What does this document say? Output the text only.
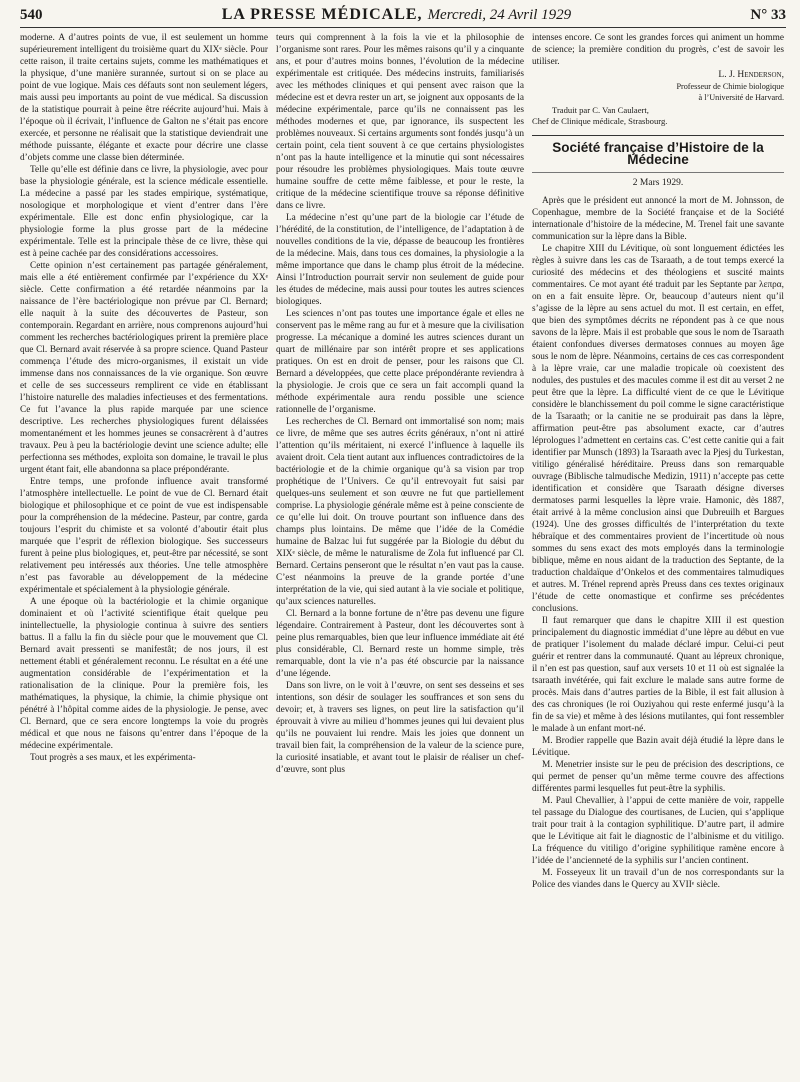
540	LA PRESSE MÉDICALE, Mercredi, 24 Avril 1929	N° 33

moderne. A d’autres points de vue, il est seulement un homme supérieurement intelligent du troisième quart du XIXᵉ siècle. Pour cette raison, il traite certains sujets, comme les mathématiques et la physique, d’une manière surannée, surtout si on se place au point de vue logique. Mais ces défauts sont non seulement légers, mais aussi peu importants au point de vue médical. Sa discussion de la statistique pourrait à peine être réécrite aujourd’hui. Mais à l’époque où il écrivait, l’influence de Galton ne s’était pas encore exercée, et personne ne réalisait que la statistique deviendrait une méthode puissante, élégante et exacte pour décrire une classe d’objets comme une classe bien déterminée.

Telle qu’elle est définie dans ce livre, la physiologie, avec pour base la physiologie générale, est la science médicale essentielle. La médecine a passé par les stades empirique, systématique, nosologique et morphologique et vient d’entrer dans l’ère expérimentale. Elle est donc enfin physiologique, car la physiologie forme la plus grosse part de la médecine expérimentale. Telle est la principale thèse de ce livre, thèse qui est à peine cachée par des considérations accessoires.

Cette opinion n’est certainement pas partagée généralement, mais elle a été entièrement confirmée par l’expérience du XXᵉ siècle. Cette confirmation a été retardée néanmoins par la naissance de l’ère bactériologique non prévue par Cl. Bernard; elle naquit à la suite des découvertes de Pasteur, son contemporain. Regardant en arrière, nous comprenons aujourd’hui comment les recherches bactériologiques prirent la première place que Cl. Bernard avait réservée à sa propre science. Quand Pasteur commença l’étude des micro-organismes, il existait un vide immense dans nos connaissances de la vie organique. Son œuvre et celle de ses successeurs remplirent ce vide en établissant l’histoire naturelle des maladies infectieuses et des fermentations. Ce fut l’avance la plus rapide marquée par une science descriptive. Les recherches physiologiques furent délaissées momentanément et les hommes jeunes se consacrèrent à d’autres travaux. Peu à peu la bactériologie devint une science adulte; elle perfectionna ses méthodes, exploita son domaine, le travail le plus urgent étant fait, elle abandonna sa place prépondérante.

Entre temps, une profonde influence avait transformé l’atmosphère intellectuelle. Le point de vue de Cl. Bernard était biologique et philosophique et ce point de vue est indispensable pour la compréhension de la médecine. Pasteur, par contre, garda toujours l’esprit du chimiste et sa volonté d’aboutir était plus marquée que l’esprit de réflexion biologique. Ses successeurs furent à peine plus biologiques, et, peut-être par nécessité, se sont relativement peu intéressés aux théories. Une telle atmosphère n’est pas favorable au développement de la médecine expérimentale et spécialement à la physiologie générale.

A une époque où la bactériologie et la chimie organique dominaient et où l’activité scientifique était quelque peu inintellectuelle, la physiologie continua à suivre des sentiers battus. Il a fallu la fin du siècle pour que le mouvement que Cl. Bernard avait pressenti se manifestât; de nos jours, il est nettement établi et généralement reconnu. Le résultat en a été une augmentation considérable de l’expérimentation et la rationalisation de la clinique. Pour la première fois, les mathématiques, la physique, la chimie, la chimie physique ont pénétré à l’hôpital comme aides de la physiologie. Je pense, avec Cl. Bernard, que ce sera encore longtemps la voie du progrès médical et que nous ne faisons qu’entrer dans l’époque de la médecine expérimentale.

Tout progrès a ses maux, et les expérimenta-

teurs qui comprennent à la fois la vie et la philosophie de l’organisme sont rares. Pour les mêmes raisons qu’il y a cinquante ans, et pour d’autres moins bonnes, l’évolution de la médecine expérimentale est critiquée. Des médecins instruits, familiarisés avec les méthodes cliniques et qui pensent avec raison que la médecine est et devra rester un art, se joignent aux opposants de la médecine expérimentale, parce qu’ils ne connaissent pas les méthodes modernes et que, par ignorance, ils suspectent les problèmes nouveaux. Si certains arguments sont fondés jusqu’à un certain point, cela tient souvent à ce que certains physiologistes n’ont pas la haute intelligence et la minutie qui sont nécessaires pour résoudre les problèmes physiologiques. Mais toute œuvre humaine souffre de cette même faiblesse, et pour le reste, la critique de la médecine scientifique trouve sa réponse définitive dans ce livre.

La médecine n’est qu’une part de la biologie car l’étude de l’hérédité, de la constitution, de l’intelligence, de l’adaptation à de nouvelles conditions de la vie, dépasse de beaucoup les frontières de la médecine. Mais, dans tous ces domaines, la physiologie a la même importance que dans le champ plus étroit de la médecine. Ainsi l’Introduction pourrait servir non seulement de guide pour les études de médecine, mais aussi pour toutes les autres sciences biologiques.

Les sciences n’ont pas toutes une importance égale et elles ne conservent pas le même rang au fur et à mesure que la civilisation progresse. La mécanique a dominé les autres sciences durant un quart de millénaire par son intérêt propre et ses applications pratiques. On est en droit de penser, pour les raisons que Cl. Bernard a développées, que cette place prépondérante reviendra à la physiologie. Je crois que ce sera un fait accompli quand la méthode expérimentale aura rendu possible une science rationnelle de l’organisme.

Les recherches de Cl. Bernard ont immortalisé son nom; mais ce livre, de même que ses autres écrits généraux, n’ont ni attiré l’attention qu’ils méritaient, ni exercé l’influence à laquelle ils avaient droit. Cela tient autant aux influences contradictoires de la bactériologie et de la chimie organique qu’à sa vision par trop prophétique de l’Univers. Ce qu’il entrevoyait fut saisi par quelques-uns seulement et son œuvre ne fut que partiellement comprise. La physiologie générale même est à peine consciente de ce qu’elle lui doit. On trouve pourtant son influence dans des champs plus lointains. De même que l’idée de la Comédie humaine de Balzac lui fut suggérée par la Biologie du début du XIXᵉ siècle, de même le naturalisme de Zola fut influencé par Cl. Bernard. Certains penseront que le résultat n’en vaut pas la cause. C’est néanmoins la preuve de la grande portée d’une interprétation de la vie, qui sied autant à la vie sociale et politique, qu’aux sciences naturelles.

Cl. Bernard a la bonne fortune de n’être pas devenu une figure légendaire. Contrairement à Pasteur, dont les découvertes sont à peine plus remarquables, bien que leur influence immédiate ait été plus considérable, Cl. Bernard reste un homme simple, très remarquable, dont la vie n’a pas été obscurcie par la naissance d’une légende.

Dans son livre, on le voit à l’œuvre, on sent ses desseins et ses intentions, son désir de soulager les souffrances et son sens du devoir; et, à travers ses lignes, on peut lire la satisfaction qu’il éprouvait à vivre au milieu d’hommes jeunes qui lui devaient plus qu’ils ne pouvaient lui rendre. Mais les joies que donnent un travail bien fait, la compréhension de la valeur de la science pure, la curiosité insatiable, et avant tout le plaisir de réaliser un chef-d’œuvre, sont plus

intenses encore. Ce sont les grandes forces qui animent un homme de science; la première condition du progrès, c’est de savoir les utiliser.

L. J. Henderson,
Professeur de Chimie biologique
à l’Université de Harvard.
Traduit par C. Van Caulaert,
Chef de Clinique médicale, Strasbourg.
Société française d’Histoire de la Médecine
2 Mars 1929.

Après que le président eut annoncé la mort de M. Johnsson, de Copenhague, membre de la Société française et de la Société internationale d’histoire de la médecine, M. Trenel fait une savante communication sur la lèpre dans la Bible.

Le chapitre XIII du Lévitique, où sont longuement édictées les règles à suivre dans les cas de Tsaraath, a de tout temps exercé la curiosité des médecins et des théologiens et suscité maints commentaires. Ce mot ayant été traduit par les Septante par λεπρα, on en a fait ensuite lèpre. Or, beaucoup d’auteurs nient qu’il s’agisse de la lèpre au sens actuel du mot. Il est certain, en effet, que bien des symptômes décrits ne répondent pas à ce que nous savons de la lèpre. Mais il est probable que sous le nom de Tsaraath étaient confondues diverses dermatoses connues au moyen âge sous le nom de lèpre. Néanmoins, certains de ces cas correspondent à la lèpre vraie, car une maladie tropicale où coexistent des nodules, des pustules et des macules comme il est dit au verset 2 ne peut être que la lèpre. La difficulté vient de ce que le Lévitique considère le blanchissement du poil comme le signe caractéristique de la Tsaraath; or la canitie ne se produirait pas dans la lèpre, affirmation peut-être pas absolument exacte, car d’autres léprologues l’admettent en certains cas. C’est cette canitie qui a fait identifier par Munsch (1893) la Tsaraath avec la Pjesj du Turkestan, vitiligo généralisé héréditaire. Preuss dans son remarquable ouvrage (Biblische talmudische Medizin, 1911) n’accepte pas cette identification et considère que Tsaraath désigne diverses dermatoses parmi lesquelles la lèpre vraie. Hamonic, dès 1887, était arrivé à la même conclusion ainsi que Dubreuilh et Bargues (1924). Une des grosses difficultés de l’interprétation du texte hébraïque et des commentaires provient de l’incertitude où nous sommes du sens exact des mots employés dans la terminologie biblique, même en nous aidant de la traduction des Septante, de la traduction chaldaïque d’Onkelos et des commentaires talmudiques et autres. M. Trénel reprend après Preuss dans ces textes originaux l’étude de cette onomastique et confirme ses précédentes conclusions.

Il faut remarquer que dans le chapitre XIII il est question principalement du diagnostic immédiat d’une lèpre au début en vue de pratiquer l’isolement du malade déclaré impur. Celui-ci peut guérir et rentrer dans la communauté. Quant au lépreux chronique, il n’en est pas question, sauf aux versets 10 et 11 où est signalée la tsaraath invétérée, qui fait exclure le malade sans autre forme de procès. Mais dans d’autres parties de la Bible, il est fait allusion à des cas chroniques (le roi Ouziyahou qui reste enfermé jusqu’à la fin de sa vie) et même à des lésions mutilantes, qui font ressembler le malade à un enfant mort-né.

M. Brodier rappelle que Bazin avait déjà étudié la lèpre dans le Lévitique.

M. Menetrier insiste sur le peu de précision des descriptions, ce qui permet de penser qu’un même terme couvre des affections différentes parmi lesquelles fut peut-être la syphilis.

M. Paul Chevallier, à l’appui de cette manière de voir, rappelle tel passage du Dialogue des courtisanes, de Lucien, qui s’applique trait pour trait à la contagion syphilitique. D’autre part, il admire que le Lévitique ait fait le diagnostic de l’albinisme et du vitiligo. La fréquence du vitiligo d’origine syphilitique ramène encore à l’idée de l’ancienneté de la syphilis sur l’ancien continent.

M. Fosseyeux lit un travail d’un de nos correspondants sur la Police des viandes dans le Quercy au XVIIᵉ siècle.
